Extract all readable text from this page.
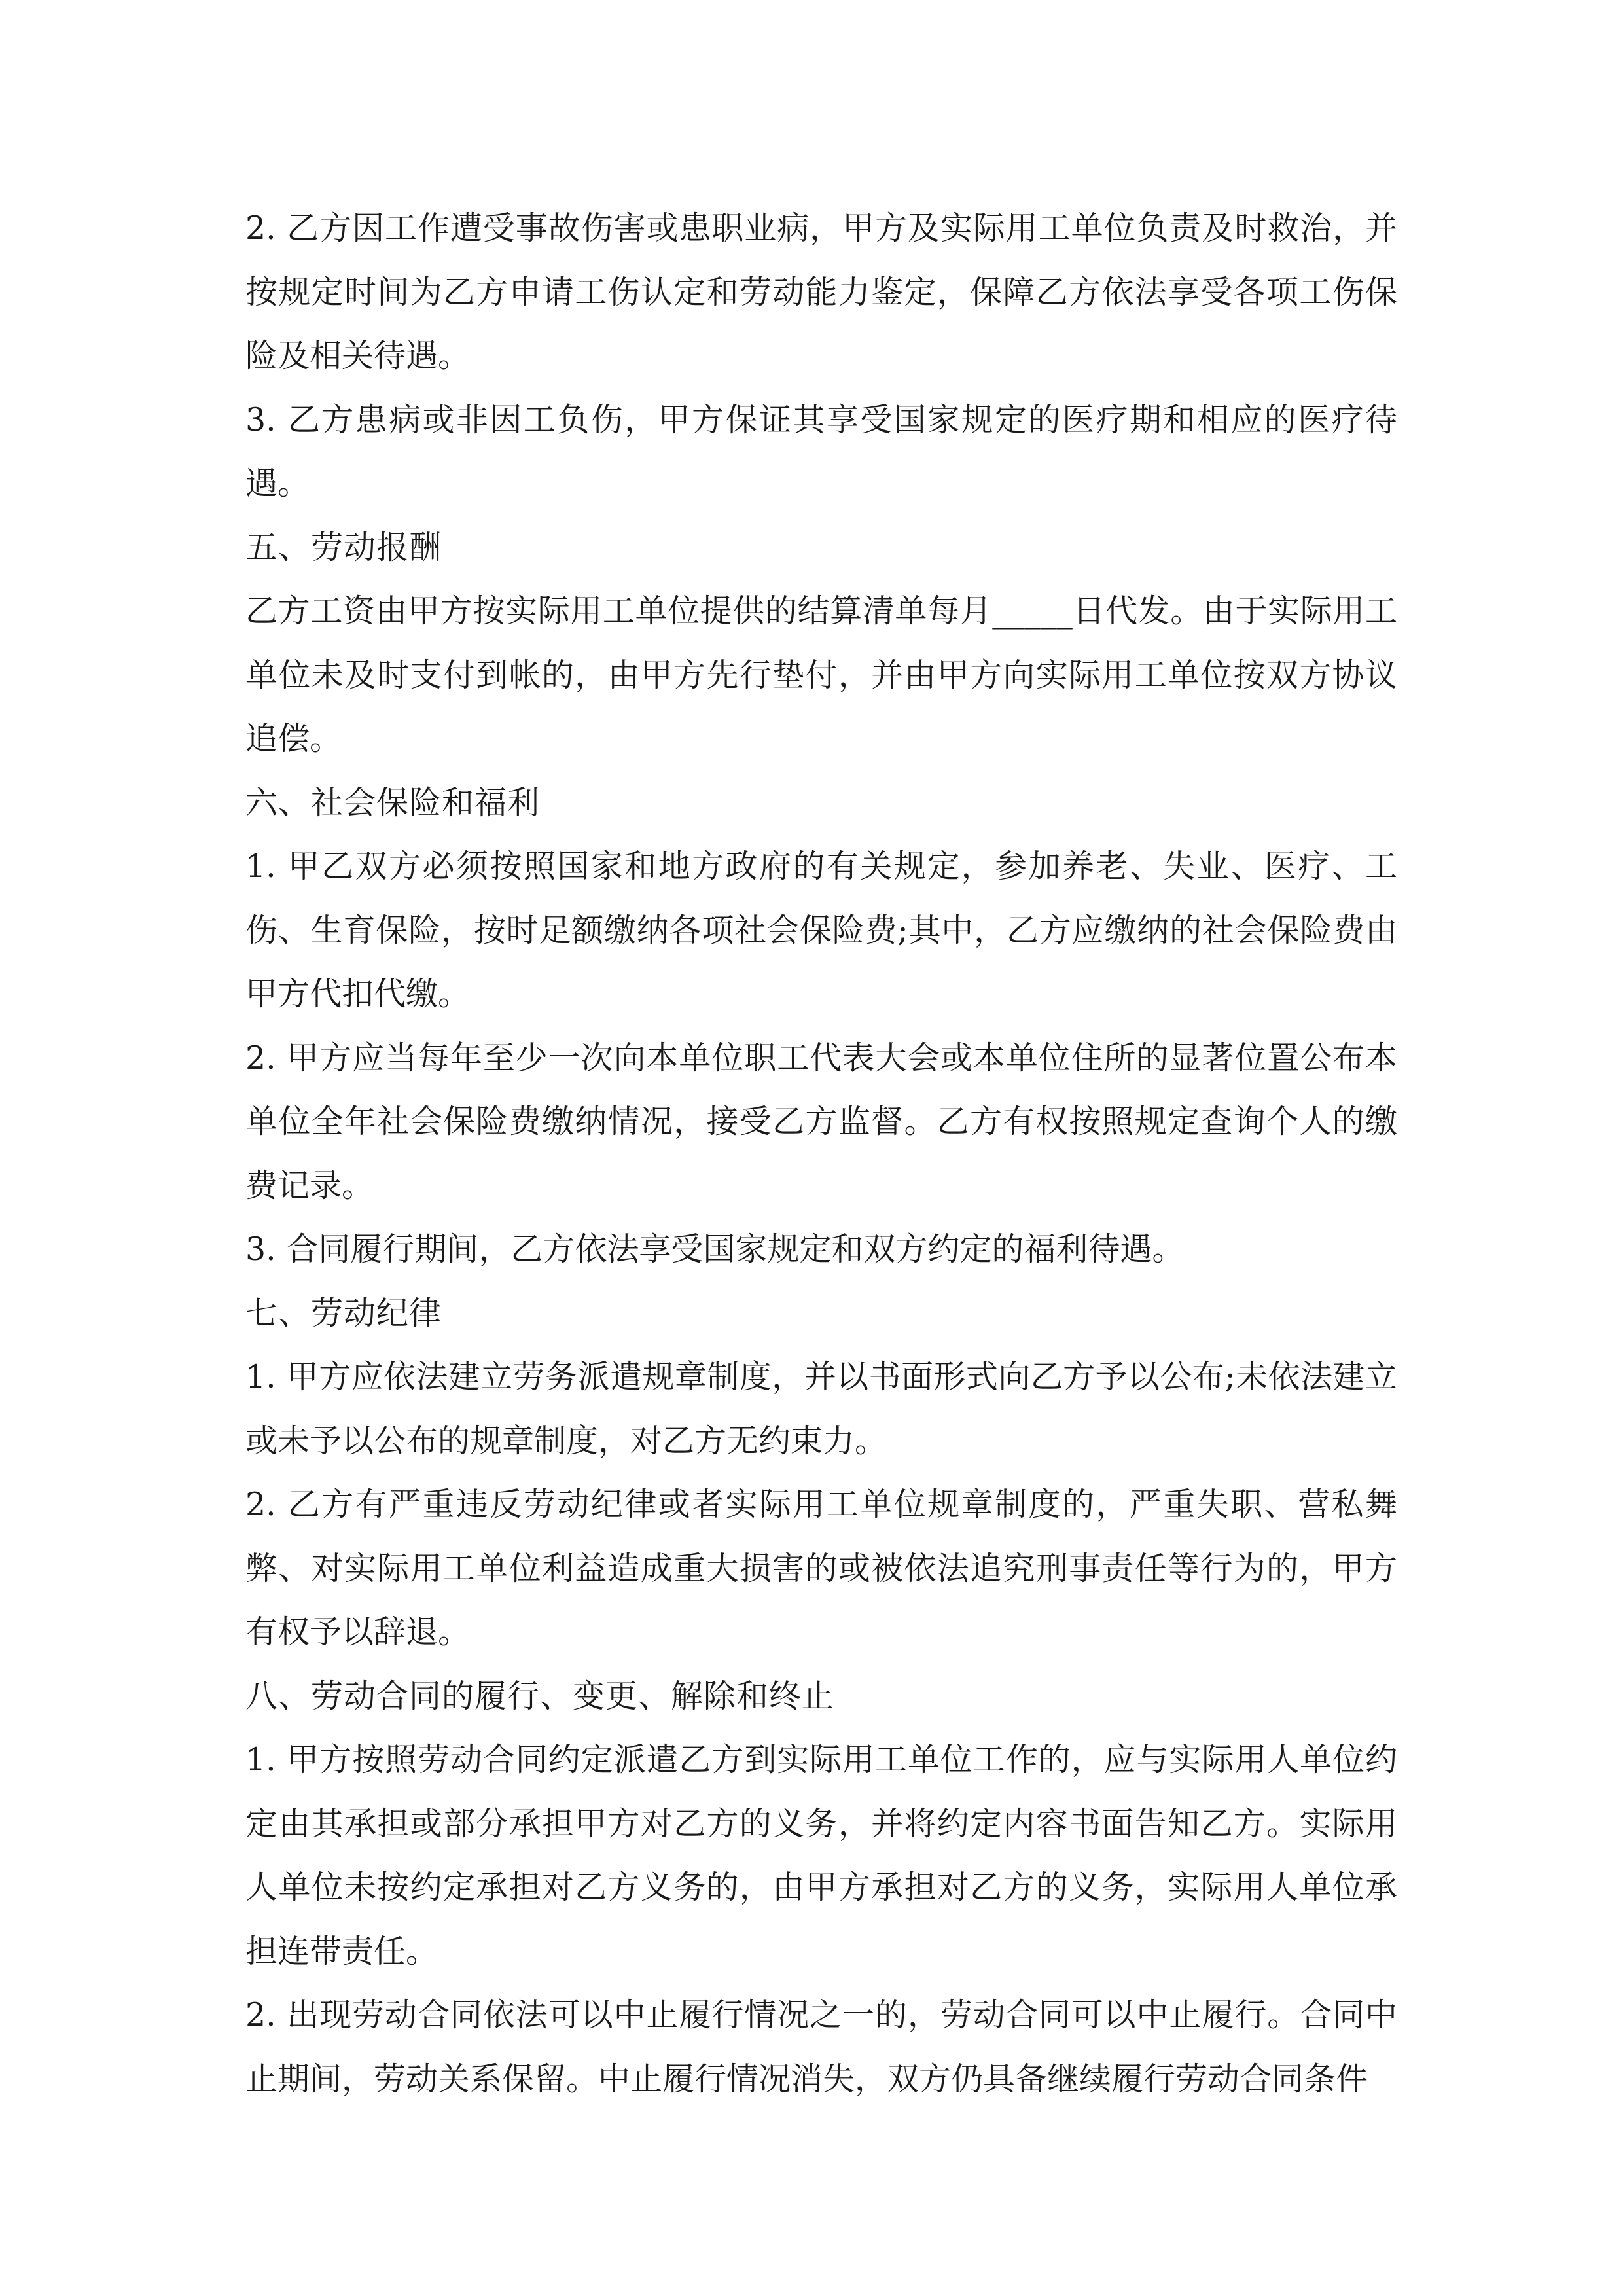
2. 乙方因工作遭受事故伤害或患职业病，甲方及实际用工单位负责及时救治，并按规定时间为乙方申请工伤认定和劳动能力鉴定，保障乙方依法享受各项工伤保险及相关待遇。

3. 乙方患病或非因工负伤，甲方保证其享受国家规定的医疗期和相应的医疗待遇。

五、劳动报酬

乙方工资由甲方按实际用工单位提供的结算清单每月_____日代发。由于实际用工单位未及时支付到帐的，由甲方先行垫付，并由甲方向实际用工单位按双方协议追偿。

六、社会保险和福利

1. 甲乙双方必须按照国家和地方政府的有关规定，参加养老、失业、医疗、工伤、生育保险，按时足额缴纳各项社会保险费;其中，乙方应缴纳的社会保险费由甲方代扣代缴。

2. 甲方应当每年至少一次向本单位职工代表大会或本单位住所的显著位置公布本单位全年社会保险费缴纳情况，接受乙方监督。乙方有权按照规定查询个人的缴费记录。

3. 合同履行期间，乙方依法享受国家规定和双方约定的福利待遇。

七、劳动纪律

1. 甲方应依法建立劳务派遣规章制度，并以书面形式向乙方予以公布;未依法建立或未予以公布的规章制度，对乙方无约束力。

2. 乙方有严重违反劳动纪律或者实际用工单位规章制度的，严重失职、营私舞弊、对实际用工单位利益造成重大损害的或被依法追究刑事责任等行为的，甲方有权予以辞退。

八、劳动合同的履行、变更、解除和终止

1. 甲方按照劳动合同约定派遣乙方到实际用工单位工作的，应与实际用人单位约定由其承担或部分承担甲方对乙方的义务，并将约定内容书面告知乙方。实际用人单位未按约定承担对乙方义务的，由甲方承担对乙方的义务，实际用人单位承担连带责任。

2. 出现劳动合同依法可以中止履行情况之一的，劳动合同可以中止履行。合同中止期间，劳动关系保留。中止履行情况消失，双方仍具备继续履行劳动合同条件
